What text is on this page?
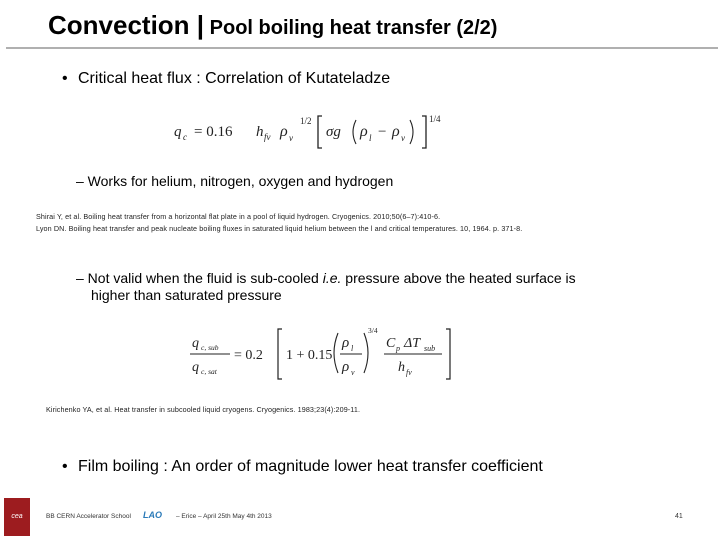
Convection | Pool boiling heat transfer (2/2)
• Critical heat flux : Correlation of Kutateladze
q c = 0.16 h fv ρ v
1/2
σg ρ l − ρ v
1/4
– Works for helium, nitrogen, oxygen and hydrogen
Shirai Y, et al. Boiling heat transfer from a horizontal flat plate in a pool of liquid hydrogen. Cryogenics. 2010;50(6–7):410-6.
Lyon DN. Boiling heat transfer and peak nucleate boiling fluxes in saturated liquid helium between the l and critical temperatures. 10, 1964. p. 371-8.
– Not valid when the fluid is sub-cooled i.e. pressure above the heated surface is
higher than saturated pressure
q c, sub
q c, sat
= 0.2 1 + 0.15
ρ l
ρ v
3/4
C p ΔT sub
h fv
Kirichenko YA, et al. Heat transfer in subcooled liquid cryogens. Cryogenics. 1983;23(4):209-11.
• Film boiling : An order of magnitude lower heat transfer coefficient
cea	BB CERN Accelerator School LAO – Erice – April 25th May 4th 2013	41
